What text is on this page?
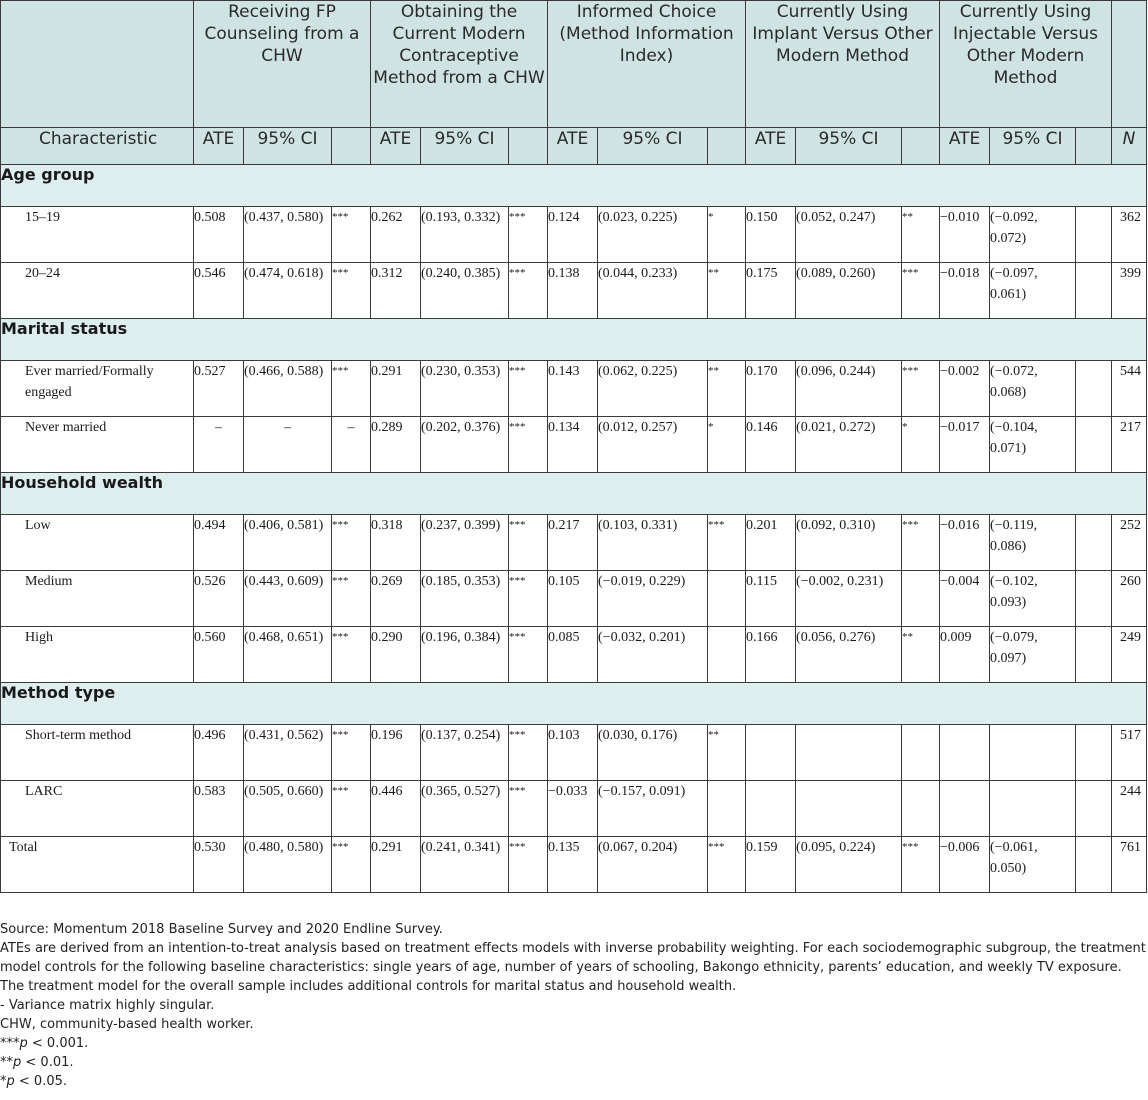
	Receiving FP Counseling from a CHW			Obtaining the Current Modern Contraceptive Method from a CHW			Informed Choice (Method Information Index)			Currently Using Implant Versus Other Modern Method			Currently Using Injectable Versus Other Modern Method			
Characteristic	ATE	95% CI		ATE	95% CI		ATE	95% CI		ATE	95% CI		ATE	95% CI		N
Age group																
15–19	0.508	(0.437, 0.580)	***	0.262	(0.193, 0.332)	***	0.124	(0.023, 0.225)	*	0.150	(0.052, 0.247)	**	−0.010	(−0.092, 0.072)		362
20–24	0.546	(0.474, 0.618)	***	0.312	(0.240, 0.385)	***	0.138	(0.044, 0.233)	**	0.175	(0.089, 0.260)	***	−0.018	(−0.097, 0.061)		399
Marital status																
Ever married/Formally engaged	0.527	(0.466, 0.588)	***	0.291	(0.230, 0.353)	***	0.143	(0.062, 0.225)	**	0.170	(0.096, 0.244)	***	−0.002	(−0.072, 0.068)		544
Never married	–	–	–	0.289	(0.202, 0.376)	***	0.134	(0.012, 0.257)	*	0.146	(0.021, 0.272)	*	−0.017	(−0.104, 0.071)		217
Household wealth																
Low	0.494	(0.406, 0.581)	***	0.318	(0.237, 0.399)	***	0.217	(0.103, 0.331)	***	0.201	(0.092, 0.310)	***	−0.016	(−0.119, 0.086)		252
Medium	0.526	(0.443, 0.609)	***	0.269	(0.185, 0.353)	***	0.105	(−0.019, 0.229)		0.115	(−0.002, 0.231)		−0.004	(−0.102, 0.093)		260
High	0.560	(0.468, 0.651)	***	0.290	(0.196, 0.384)	***	0.085	(−0.032, 0.201)		0.166	(0.056, 0.276)	**	0.009	(−0.079, 0.097)		249
Method type																
Short-term method	0.496	(0.431, 0.562)	***	0.196	(0.137, 0.254)	***	0.103	(0.030, 0.176)	**							517
LARC	0.583	(0.505, 0.660)	***	0.446	(0.365, 0.527)	***	−0.033	(−0.157, 0.091)								244
Total	0.530	(0.480, 0.580)	***	0.291	(0.241, 0.341)	***	0.135	(0.067, 0.204)	***	0.159	(0.095, 0.224)	***	−0.006	(−0.061, 0.050)		761

Source: Momentum 2018 Baseline Survey and 2020 Endline Survey.

ATEs are derived from an intention-to-treat analysis based on treatment effects models with inverse probability weighting. For each sociodemographic subgroup, the treatment model controls for the following baseline characteristics: single years of age, number of years of schooling, Bakongo ethnicity, parents’ education, and weekly TV exposure. The treatment model for the overall sample includes additional controls for marital status and household wealth.

- Variance matrix highly singular.

CHW, community-based health worker.

***p < 0.001.

**p < 0.01.

*p < 0.05.
